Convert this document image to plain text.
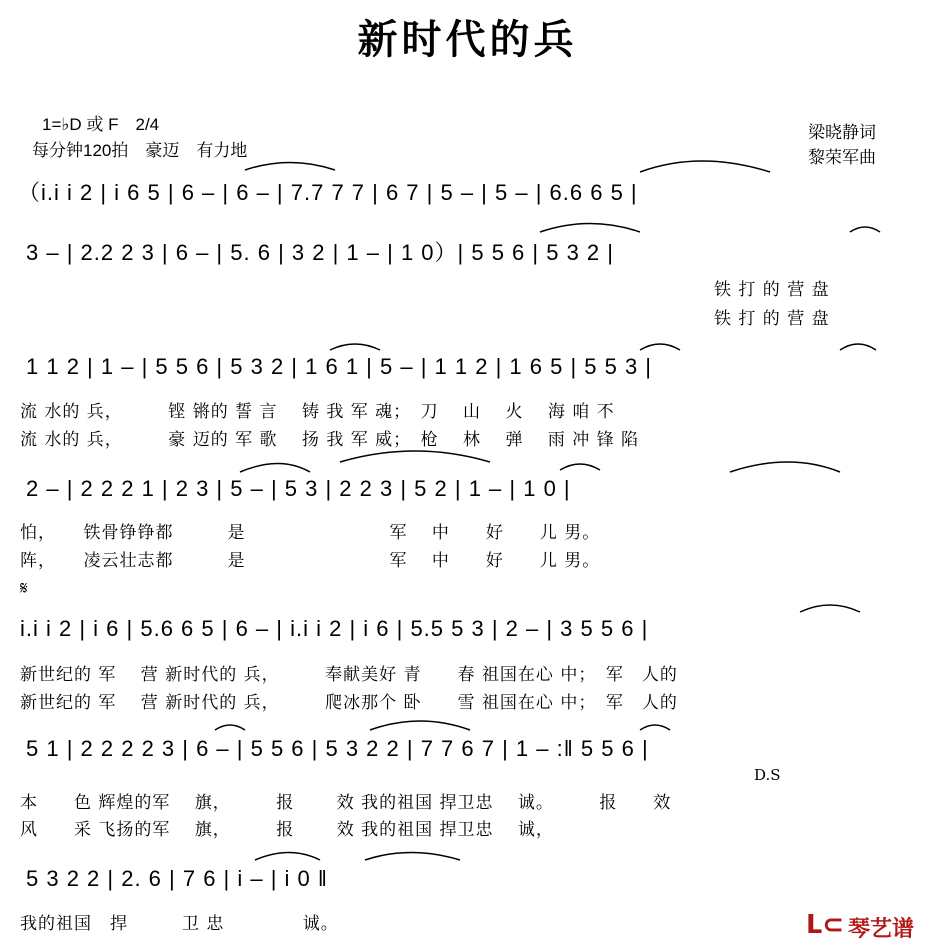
新时代的兵
1=♭D 或 F　2/4
每分钟120拍　豪迈　有力地
梁晓静词
黎荣军曲
（i.i i 2 | i 6 5 | 6 – | 6 – | 7.7 7 7 | 6 7 | 5 – | 5 – | 6.6 6 5 |
3 – | 2.2 2 3 | 6 – | 5. 6 | 3 2 | 1 – | 1 0）| 5 5 6 | 5 3 2 |
铁 打 的 营 盘
铁 打 的 营 盘
1 1 2 | 1 – | 5 5 6 | 5 3 2 | 1 6 1 | 5 – | 1 1 2 | 1 6 5 | 5 5 3 |
流 水的 兵，　　　铿 锵的 誓 言　 铸 我 军 魂；　刀　 山　 火　 海 咱 不
流 水的 兵，　　　豪 迈的 军 歌　 扬 我 军 威；　枪　 林　 弹　 雨 冲 锋 陷
2 – | 2 2 2 1 | 2 3 | 5 – | 5 3 | 2 2 3 | 5 2 | 1 – | 1 0 |
怕，　　铁骨铮铮都　　　是　　　　　　　　军 　中　　好　　儿 男。
阵，　　凌云壮志都　　　是　　　　　　　　军 　中　　好　　儿 男。
𝄋
i.i i 2 | i 6 | 5.6 6 5 | 6 – | i.i i 2 | i 6 | 5.5 5 3 | 2 – | 3 5 5 6 |
新世纪的 军　 营 新时代的 兵，　　　奉献美好 青　　春 祖国在心 中；　军　人的
新世纪的 军　 营 新时代的 兵，　　　爬冰那个 卧　　雪 祖国在心 中；　军　人的
5 1 | 2 2 2 2 3 | 6 – | 5 5 6 | 5 3 2 2 | 7 7 6 7 | 1 – :‖ 5 5 6 |
D.S
本　　色 辉煌的军　 旗，　　　报　　 效 我的祖国 捍卫忠　 诚。　　　报　　效
风　　采 飞扬的军　 旗，　　　报　　 效 我的祖国 捍卫忠　 诚，
5 3 2 2 | 2. 6 | 7 6 | i – | i 0 ‖
我的祖国　捍　　　卫 忠　　　　 诚。	ᒪ⊂ 琴艺谱
